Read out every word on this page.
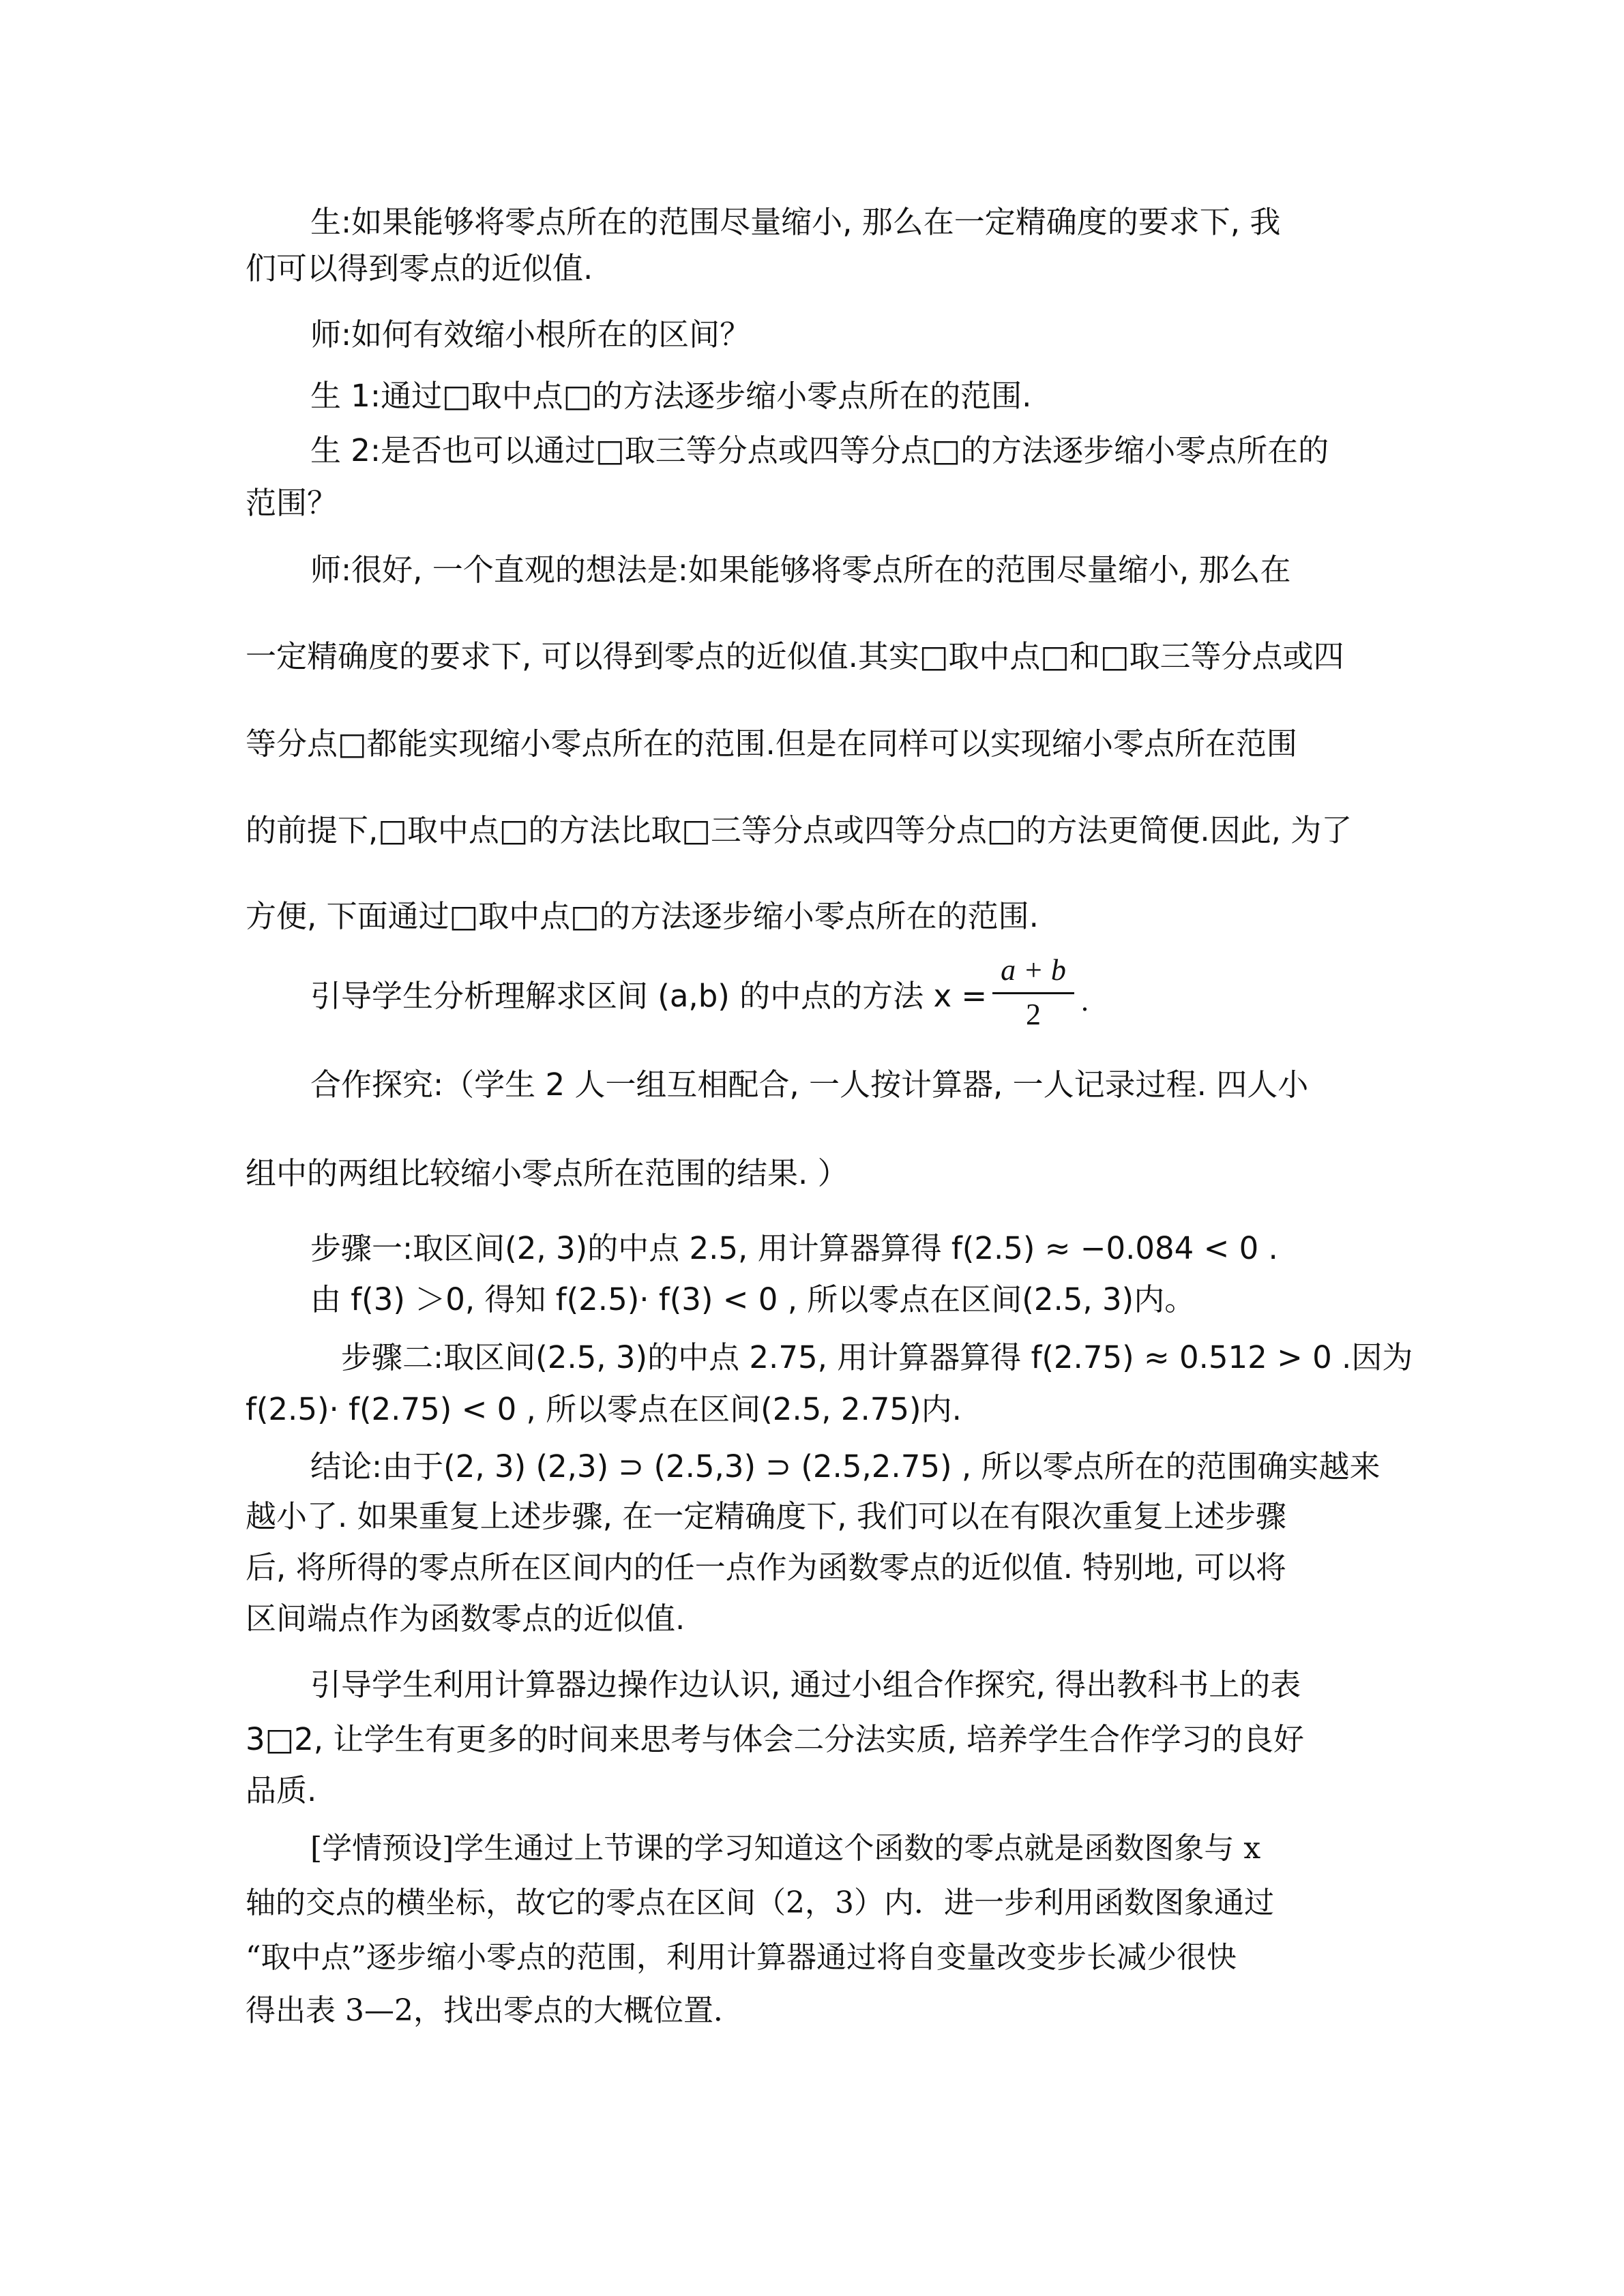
生:如果能够将零点所在的范围尽量缩小, 那么在一定精确度的要求下, 我
们可以得到零点的近似值.
师:如何有效缩小根所在的区间？
生 1:通过□取中点□的方法逐步缩小零点所在的范围.
生 2:是否也可以通过□取三等分点或四等分点□的方法逐步缩小零点所在的
范围？
师:很好, 一个直观的想法是:如果能够将零点所在的范围尽量缩小, 那么在
一定精确度的要求下, 可以得到零点的近似值.其实□取中点□和□取三等分点或四
等分点□都能实现缩小零点所在的范围.但是在同样可以实现缩小零点所在范围
的前提下,□取中点□的方法比取□三等分点或四等分点□的方法更简便.因此, 为了
方便, 下面通过□取中点□的方法逐步缩小零点所在的范围.
引导学生分析理解求区间 (a,b) 的中点的方法 x =
a + b
2	.
合作探究:（学生 2 人一组互相配合, 一人按计算器, 一人记录过程. 四人小
组中的两组比较缩小零点所在范围的结果. ）
步骤一:取区间(2, 3)的中点 2.5, 用计算器算得 f(2.5) ≈ −0.084 < 0 .
由 f(3) ＞0, 得知 f(2.5)· f(3) < 0 , 所以零点在区间(2.5, 3)内。
步骤二:取区间(2.5, 3)的中点 2.75, 用计算器算得 f(2.75) ≈ 0.512 > 0 .因为
f(2.5)· f(2.75) < 0 , 所以零点在区间(2.5, 2.75)内.
结论:由于(2, 3) (2,3) ⊃ (2.5,3) ⊃ (2.5,2.75) , 所以零点所在的范围确实越来
越小了. 如果重复上述步骤, 在一定精确度下, 我们可以在有限次重复上述步骤
后, 将所得的零点所在区间内的任一点作为函数零点的近似值. 特别地, 可以将
区间端点作为函数零点的近似值.
引导学生利用计算器边操作边认识, 通过小组合作探究, 得出教科书上的表
3□2, 让学生有更多的时间来思考与体会二分法实质, 培养学生合作学习的良好
品质.
[学情预设]学生通过上节课的学习知道这个函数的零点就是函数图象与 x
轴的交点的横坐标，故它的零点在区间（2，3）内．进一步利用函数图象通过
“取中点”逐步缩小零点的范围，利用计算器通过将自变量改变步长减少很快
得出表 3—2，找出零点的大概位置．
